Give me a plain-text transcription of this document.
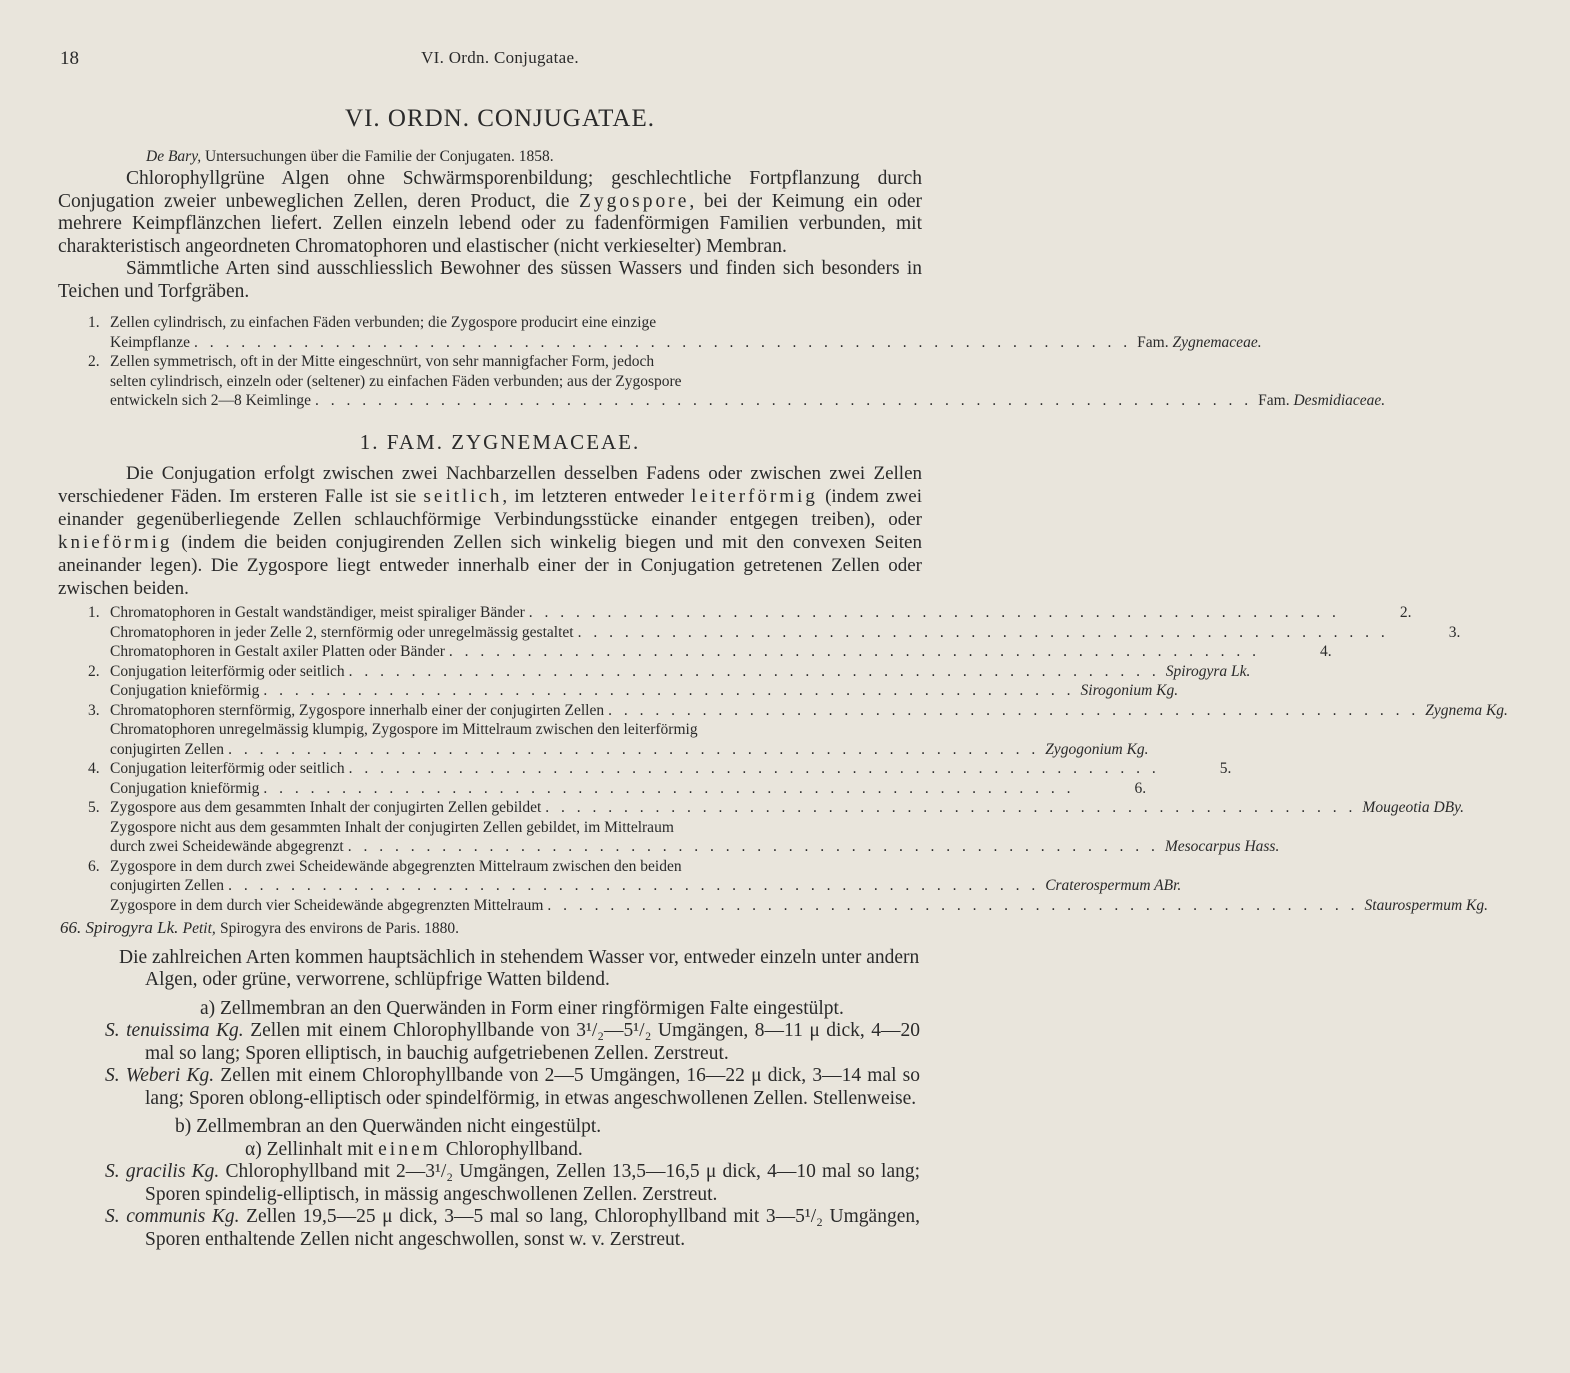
18	VI. Ordn. Conjugatae.
VI. ORDN. CONJUGATAE.
De Bary, Untersuchungen über die Familie der Conjugaten. 1858.
Chlorophyllgrüne Algen ohne Schwärmsporenbildung; geschlechtliche Fortpflanzung durch Conjugation zweier unbeweglichen Zellen, deren Product, die Zygospore, bei der Keimung ein oder mehrere Keimpflänzchen liefert. Zellen einzeln lebend oder zu fadenförmigen Familien verbunden, mit charakteristisch angeordneten Chromatophoren und elastischer (nicht verkieselter) Membran.
Sämmtliche Arten sind ausschliesslich Bewohner des süssen Wassers und finden sich besonders in Teichen und Torfgräben.
1. Zellen cylindrisch, zu einfachen Fäden verbunden; die Zygospore producirt eine einzige
Keimpflanze . . . . . . . . . . . . . . . . . . . . . . . . . . . . . . . . . . . . . . . . . . . . . . . . . . . . . . . . . . . . Fam. Zygnemaceae.
2. Zellen symmetrisch, oft in der Mitte eingeschnürt, von sehr mannigfacher Form, jedoch
selten cylindrisch, einzeln oder (seltener) zu einfachen Fäden verbunden; aus der Zygospore
entwickeln sich 2—8 Keimlinge . . . . . . . . . . . . . . . . . . . . . . . . . . . . . . . . . . . . . . . . . . . . . . . . . . . . . . . . . . . . Fam. Desmidiaceae.
1. FAM. ZYGNEMACEAE.
Die Conjugation erfolgt zwischen zwei Nachbarzellen desselben Fadens oder zwischen zwei Zellen verschiedener Fäden. Im ersteren Falle ist sie seitlich, im letzteren entweder leiterförmig (indem zwei einander gegenüberliegende Zellen schlauchförmige Verbindungsstücke einander entgegen treiben), oder knieförmig (indem die beiden conjugirenden Zellen sich winkelig biegen und mit den convexen Seiten aneinander legen). Die Zygospore liegt entweder innerhalb einer der in Conjugation getretenen Zellen oder zwischen beiden.
1. Chromatophoren in Gestalt wandständiger, meist spiraliger Bänder . . . . . . . . . . . . . . . . . . . . . . . . . . . . . . . . . . . . . . . . . . . . . . . . . . . .	2.
Chromatophoren in jeder Zelle 2, sternförmig oder unregelmässig gestaltet . . . . . . . . . . . . . . . . . . . . . . . . . . . . . . . . . . . . . . . . . . . . . . . . . . . .	3.
Chromatophoren in Gestalt axiler Platten oder Bänder . . . . . . . . . . . . . . . . . . . . . . . . . . . . . . . . . . . . . . . . . . . . . . . . . . . .	4.
2. Conjugation leiterförmig oder seitlich . . . . . . . . . . . . . . . . . . . . . . . . . . . . . . . . . . . . . . . . . . . . . . . . . . . . Spirogyra Lk.
Conjugation knieförmig . . . . . . . . . . . . . . . . . . . . . . . . . . . . . . . . . . . . . . . . . . . . . . . . . . . . Sirogonium Kg.
3. Chromatophoren sternförmig, Zygospore innerhalb einer der conjugirten Zellen . . . . . . . . . . . . . . . . . . . . . . . . . . . . . . . . . . . . . . . . . . . . . . . . . . . . Zygnema Kg.
Chromatophoren unregelmässig klumpig, Zygospore im Mittelraum zwischen den leiterförmig
conjugirten Zellen . . . . . . . . . . . . . . . . . . . . . . . . . . . . . . . . . . . . . . . . . . . . . . . . . . . . Zygogonium Kg.
4. Conjugation leiterförmig oder seitlich . . . . . . . . . . . . . . . . . . . . . . . . . . . . . . . . . . . . . . . . . . . . . . . . . . . .	5.
Conjugation knieförmig . . . . . . . . . . . . . . . . . . . . . . . . . . . . . . . . . . . . . . . . . . . . . . . . . . . .	6.
5. Zygospore aus dem gesammten Inhalt der conjugirten Zellen gebildet . . . . . . . . . . . . . . . . . . . . . . . . . . . . . . . . . . . . . . . . . . . . . . . . . . . . Mougeotia DBy.
Zygospore nicht aus dem gesammten Inhalt der conjugirten Zellen gebildet, im Mittelraum
durch zwei Scheidewände abgegrenzt . . . . . . . . . . . . . . . . . . . . . . . . . . . . . . . . . . . . . . . . . . . . . . . . . . . . Mesocarpus Hass.
6. Zygospore in dem durch zwei Scheidewände abgegrenzten Mittelraum zwischen den beiden
conjugirten Zellen . . . . . . . . . . . . . . . . . . . . . . . . . . . . . . . . . . . . . . . . . . . . . . . . . . . . Craterospermum ABr.
Zygospore in dem durch vier Scheidewände abgegrenzten Mittelraum . . . . . . . . . . . . . . . . . . . . . . . . . . . . . . . . . . . . . . . . . . . . . . . . . . . . Staurospermum Kg.

66. Spirogyra Lk. Petit, Spirogyra des environs de Paris. 1880.

Die zahlreichen Arten kommen hauptsächlich in stehendem Wasser vor, entweder einzeln unter andern Algen, oder grüne, verworrene, schlüpfrige Watten bildend.

a) Zellmembran an den Querwänden in Form einer ringförmigen Falte eingestülpt.

S. tenuissima Kg. Zellen mit einem Chlorophyllbande von 3¹/₂—5¹/₂ Umgängen, 8—11 μ dick, 4—20 mal so lang; Sporen elliptisch, in bauchig aufgetriebenen Zellen. Zerstreut.

S. Weberi Kg. Zellen mit einem Chlorophyllbande von 2—5 Umgängen, 16—22 μ dick, 3—14 mal so lang; Sporen oblong-elliptisch oder spindelförmig, in etwas angeschwollenen Zellen. Stellenweise.

b) Zellmembran an den Querwänden nicht eingestülpt.

α) Zellinhalt mit einem Chlorophyllband.

S. gracilis Kg. Chlorophyllband mit 2—3¹/₂ Umgängen, Zellen 13,5—16,5 μ dick, 4—10 mal so lang; Sporen spindelig-elliptisch, in mässig angeschwollenen Zellen. Zerstreut.

S. communis Kg. Zellen 19,5—25 μ dick, 3—5 mal so lang, Chlorophyllband mit 3—5¹/₂ Umgängen, Sporen enthaltende Zellen nicht angeschwollen, sonst w. v. Zerstreut.
